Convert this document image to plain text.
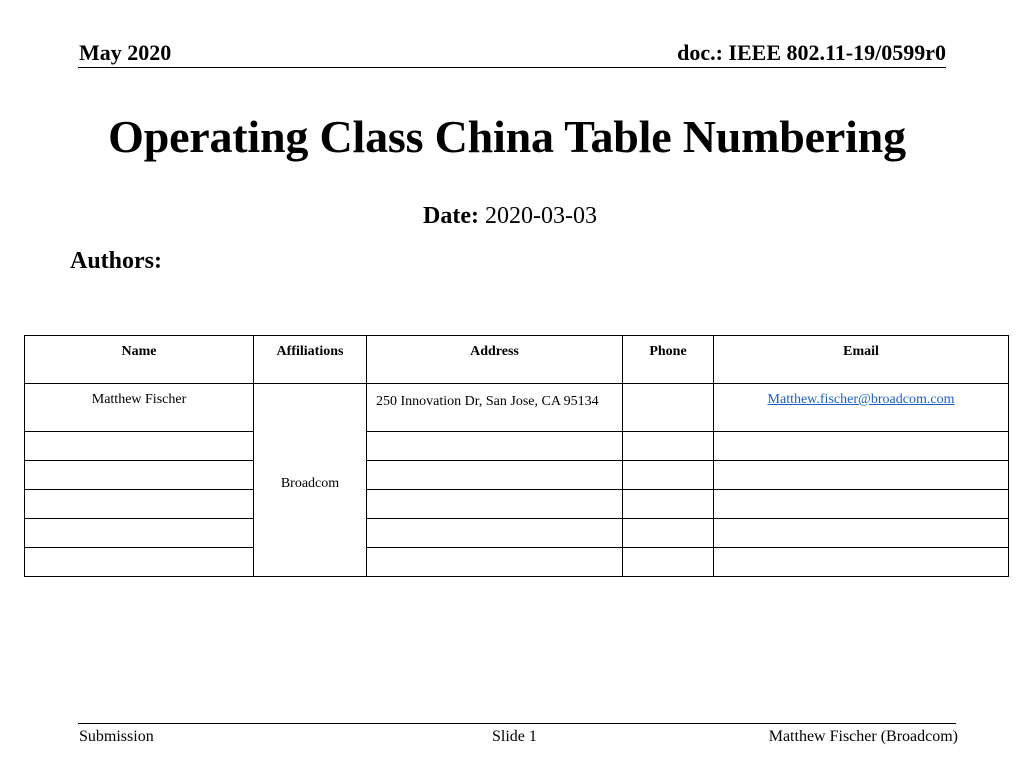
May 2020	doc.: IEEE 802.11-19/0599r0
Operating Class China Table Numbering
Date: 2020-03-03
Authors:
Name	Affiliations	Address	Phone	Email
Matthew Fischer	Broadcom	250 Innovation Dr, San Jose, CA 95134		Matthew.fischer@broadcom.com

Submission	Slide 1	Matthew Fischer (Broadcom)
